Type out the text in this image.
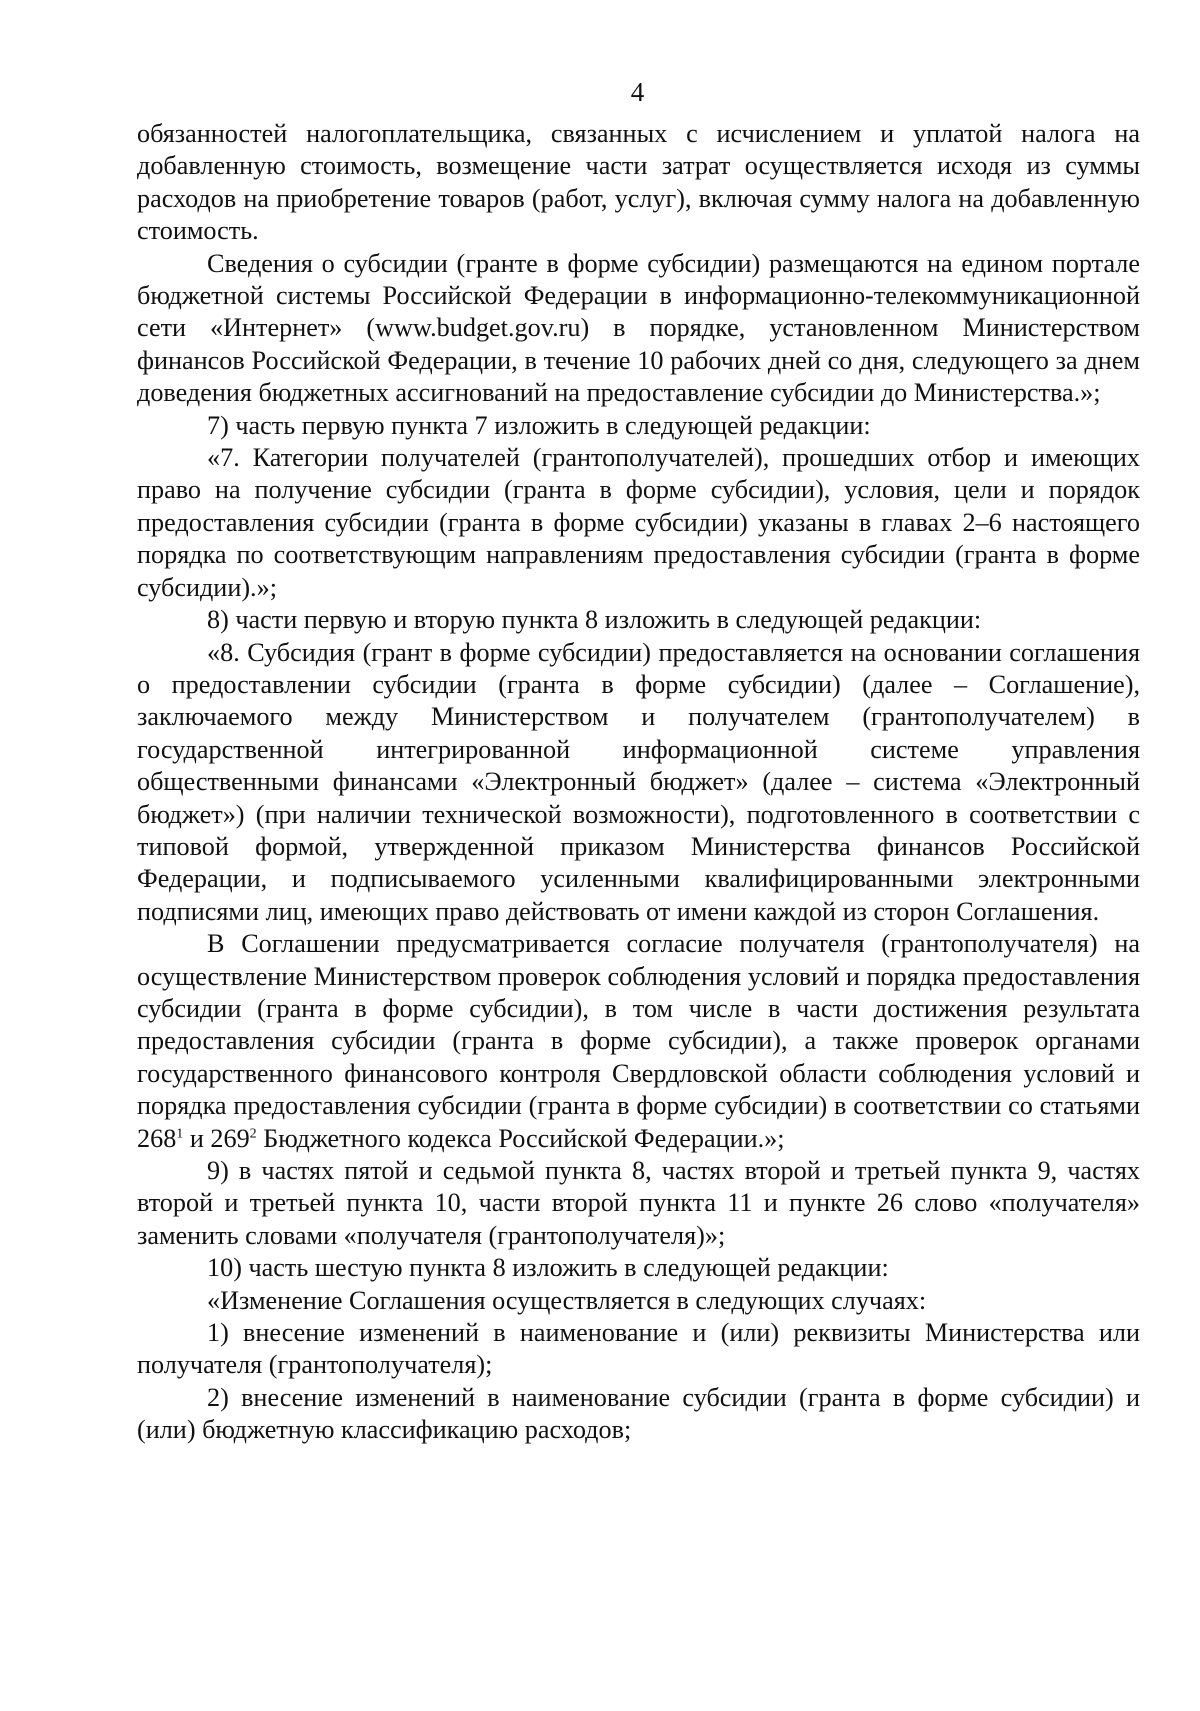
4

обязанностей налогоплательщика, связанных с исчислением и уплатой налога на добавленную стоимость, возмещение части затрат осуществляется исходя из суммы расходов на приобретение товаров (работ, услуг), включая сумму налога на добавленную стоимость.

Сведения о субсидии (гранте в форме субсидии) размещаются на едином портале бюджетной системы Российской Федерации в информационно-телекоммуникационной сети «Интернет» (www.budget.gov.ru) в порядке, установленном Министерством финансов Российской Федерации, в течение 10 рабочих дней со дня, следующего за днем доведения бюджетных ассигнований на предоставление субсидии до Министерства.»;

7) часть первую пункта 7 изложить в следующей редакции:

«7. Категории получателей (грантополучателей), прошедших отбор и имеющих право на получение субсидии (гранта в форме субсидии), условия, цели и порядок предоставления субсидии (гранта в форме субсидии) указаны в главах 2–6 настоящего порядка по соответствующим направлениям предоставления субсидии (гранта в форме субсидии).»;

8) части первую и вторую пункта 8 изложить в следующей редакции:

«8. Субсидия (грант в форме субсидии) предоставляется на основании соглашения о предоставлении субсидии (гранта в форме субсидии) (далее – Соглашение), заключаемого между Министерством и получателем (грантополучателем) в государственной интегрированной информационной системе управления общественными финансами «Электронный бюджет» (далее – система «Электронный бюджет») (при наличии технической возможности), подготовленного в соответствии с типовой формой, утвержденной приказом Министерства финансов Российской Федерации, и подписываемого усиленными квалифицированными электронными подписями лиц, имеющих право действовать от имени каждой из сторон Соглашения.

В Соглашении предусматривается согласие получателя (грантополучателя) на осуществление Министерством проверок соблюдения условий и порядка предоставления субсидии (гранта в форме субсидии), в том числе в части достижения результата предоставления субсидии (гранта в форме субсидии), а также проверок органами государственного финансового контроля Свердловской области соблюдения условий и порядка предоставления субсидии (гранта в форме субсидии) в соответствии со статьями $268^1$ и $269^2$ Бюджетного кодекса Российской Федерации.»;

9) в частях пятой и седьмой пункта 8, частях второй и третьей пункта 9, частях второй и третьей пункта 10, части второй пункта 11 и пункте 26 слово «получателя» заменить словами «получателя (грантополучателя)»;

10) часть шестую пункта 8 изложить в следующей редакции:

«Изменение Соглашения осуществляется в следующих случаях:

1) внесение изменений в наименование и (или) реквизиты Министерства или получателя (грантополучателя);

2) внесение изменений в наименование субсидии (гранта в форме субсидии) и (или) бюджетную классификацию расходов;
